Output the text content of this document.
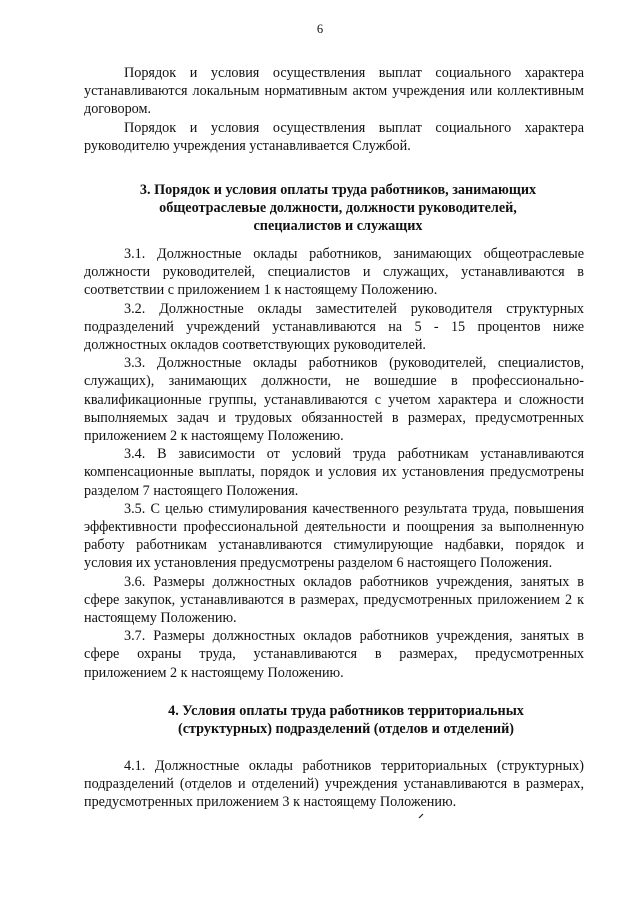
6

Порядок и условия осуществления выплат социального характера устанавливаются локальным нормативным актом учреждения или коллективным договором.

Порядок и условия осуществления выплат социального характера руководителю учреждения устанавливается Службой.

3. Порядок и условия оплаты труда работников, занимающих общеотраслевые должности, должности руководителей, специалистов и служащих

3.1. Должностные оклады работников, занимающих общеотраслевые должности руководителей, специалистов и служащих, устанавливаются в соответствии с приложением 1 к настоящему Положению.

3.2. Должностные оклады заместителей руководителя структурных подразделений учреждений устанавливаются на 5 - 15 процентов ниже должностных окладов соответствующих руководителей.

3.3. Должностные оклады работников (руководителей, специалистов, служащих), занимающих должности, не вошедшие в профессионально-квалификационные группы, устанавливаются с учетом характера и сложности выполняемых задач и трудовых обязанностей в размерах, предусмотренных приложением 2 к настоящему Положению.

3.4. В зависимости от условий труда работникам устанавливаются компенсационные выплаты, порядок и условия их установления предусмотрены разделом 7 настоящего Положения.

3.5. С целью стимулирования качественного результата труда, повышения эффективности профессиональной деятельности и поощрения за выполненную работу работникам устанавливаются стимулирующие надбавки, порядок и условия их установления предусмотрены разделом 6 настоящего Положения.

3.6. Размеры должностных окладов работников учреждения, занятых в сфере закупок, устанавливаются в размерах, предусмотренных приложением 2 к настоящему Положению.

3.7. Размеры должностных окладов работников учреждения, занятых в сфере охраны труда, устанавливаются в размерах, предусмотренных приложением 2 к настоящему Положению.

4. Условия оплаты труда работников территориальных (структурных) подразделений (отделов и отделений)

4.1. Должностные оклады работников территориальных (структурных) подразделений (отделов и отделений) учреждения устанавливаются в размерах, предусмотренных приложением 3 к настоящему Положению.
